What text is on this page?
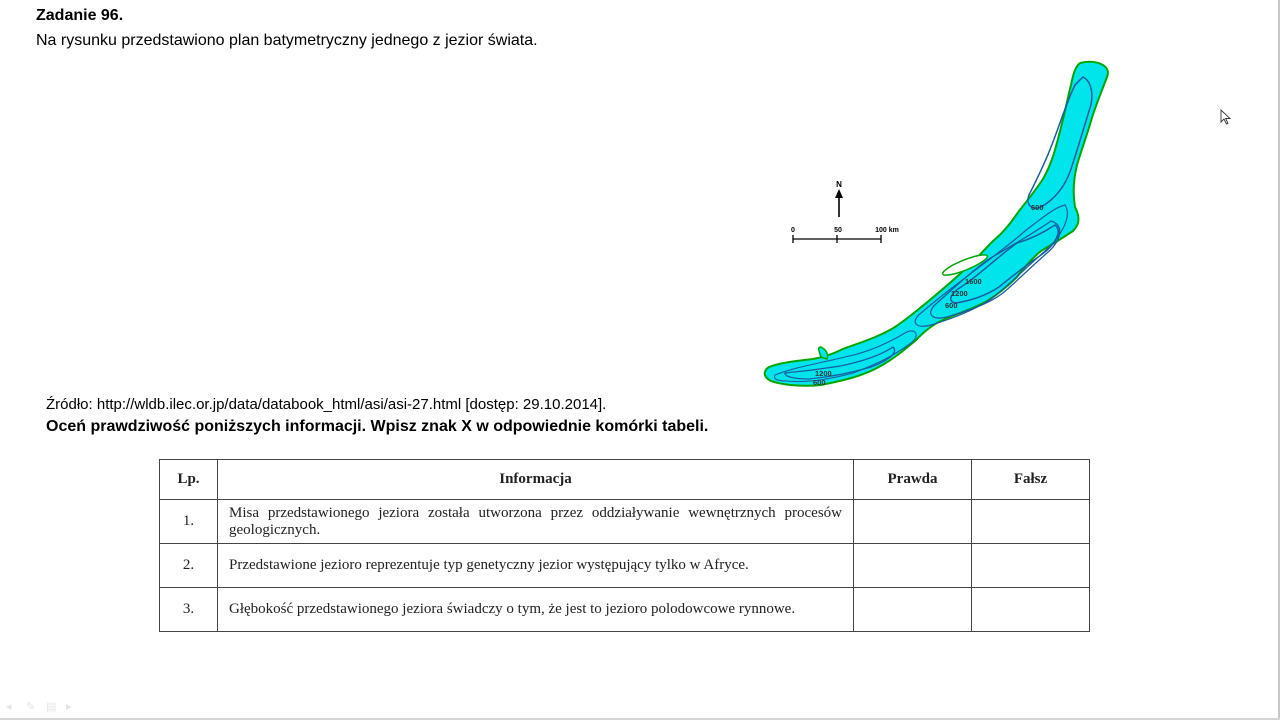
Zadanie 96.
Na rysunku przedstawiono plan batymetryczny jednego z jezior świata.
N
0	50	100 km
600
1600
1200
600
1200
600
Źródło: http://wldb.ilec.or.jp/data/databook_html/asi/asi-27.html [dostęp: 29.10.2014].
Oceń prawdziwość poniższych informacji. Wpisz znak X w odpowiednie komórki tabeli.
Lp.	Informacja	Prawda	Fałsz
1.	Misa przedstawionego jeziora została utworzona przez oddziaływanie wewnętrznych procesów geologicznych.		
2.	Przedstawione jezioro reprezentuje typ genetyczny jezior występujący tylko w Afryce.		
3.	Głębokość przedstawionego jeziora świadczy o tym, że jest to jezioro polodowcowe rynnowe.		
◂	✎ ▤ ▸
